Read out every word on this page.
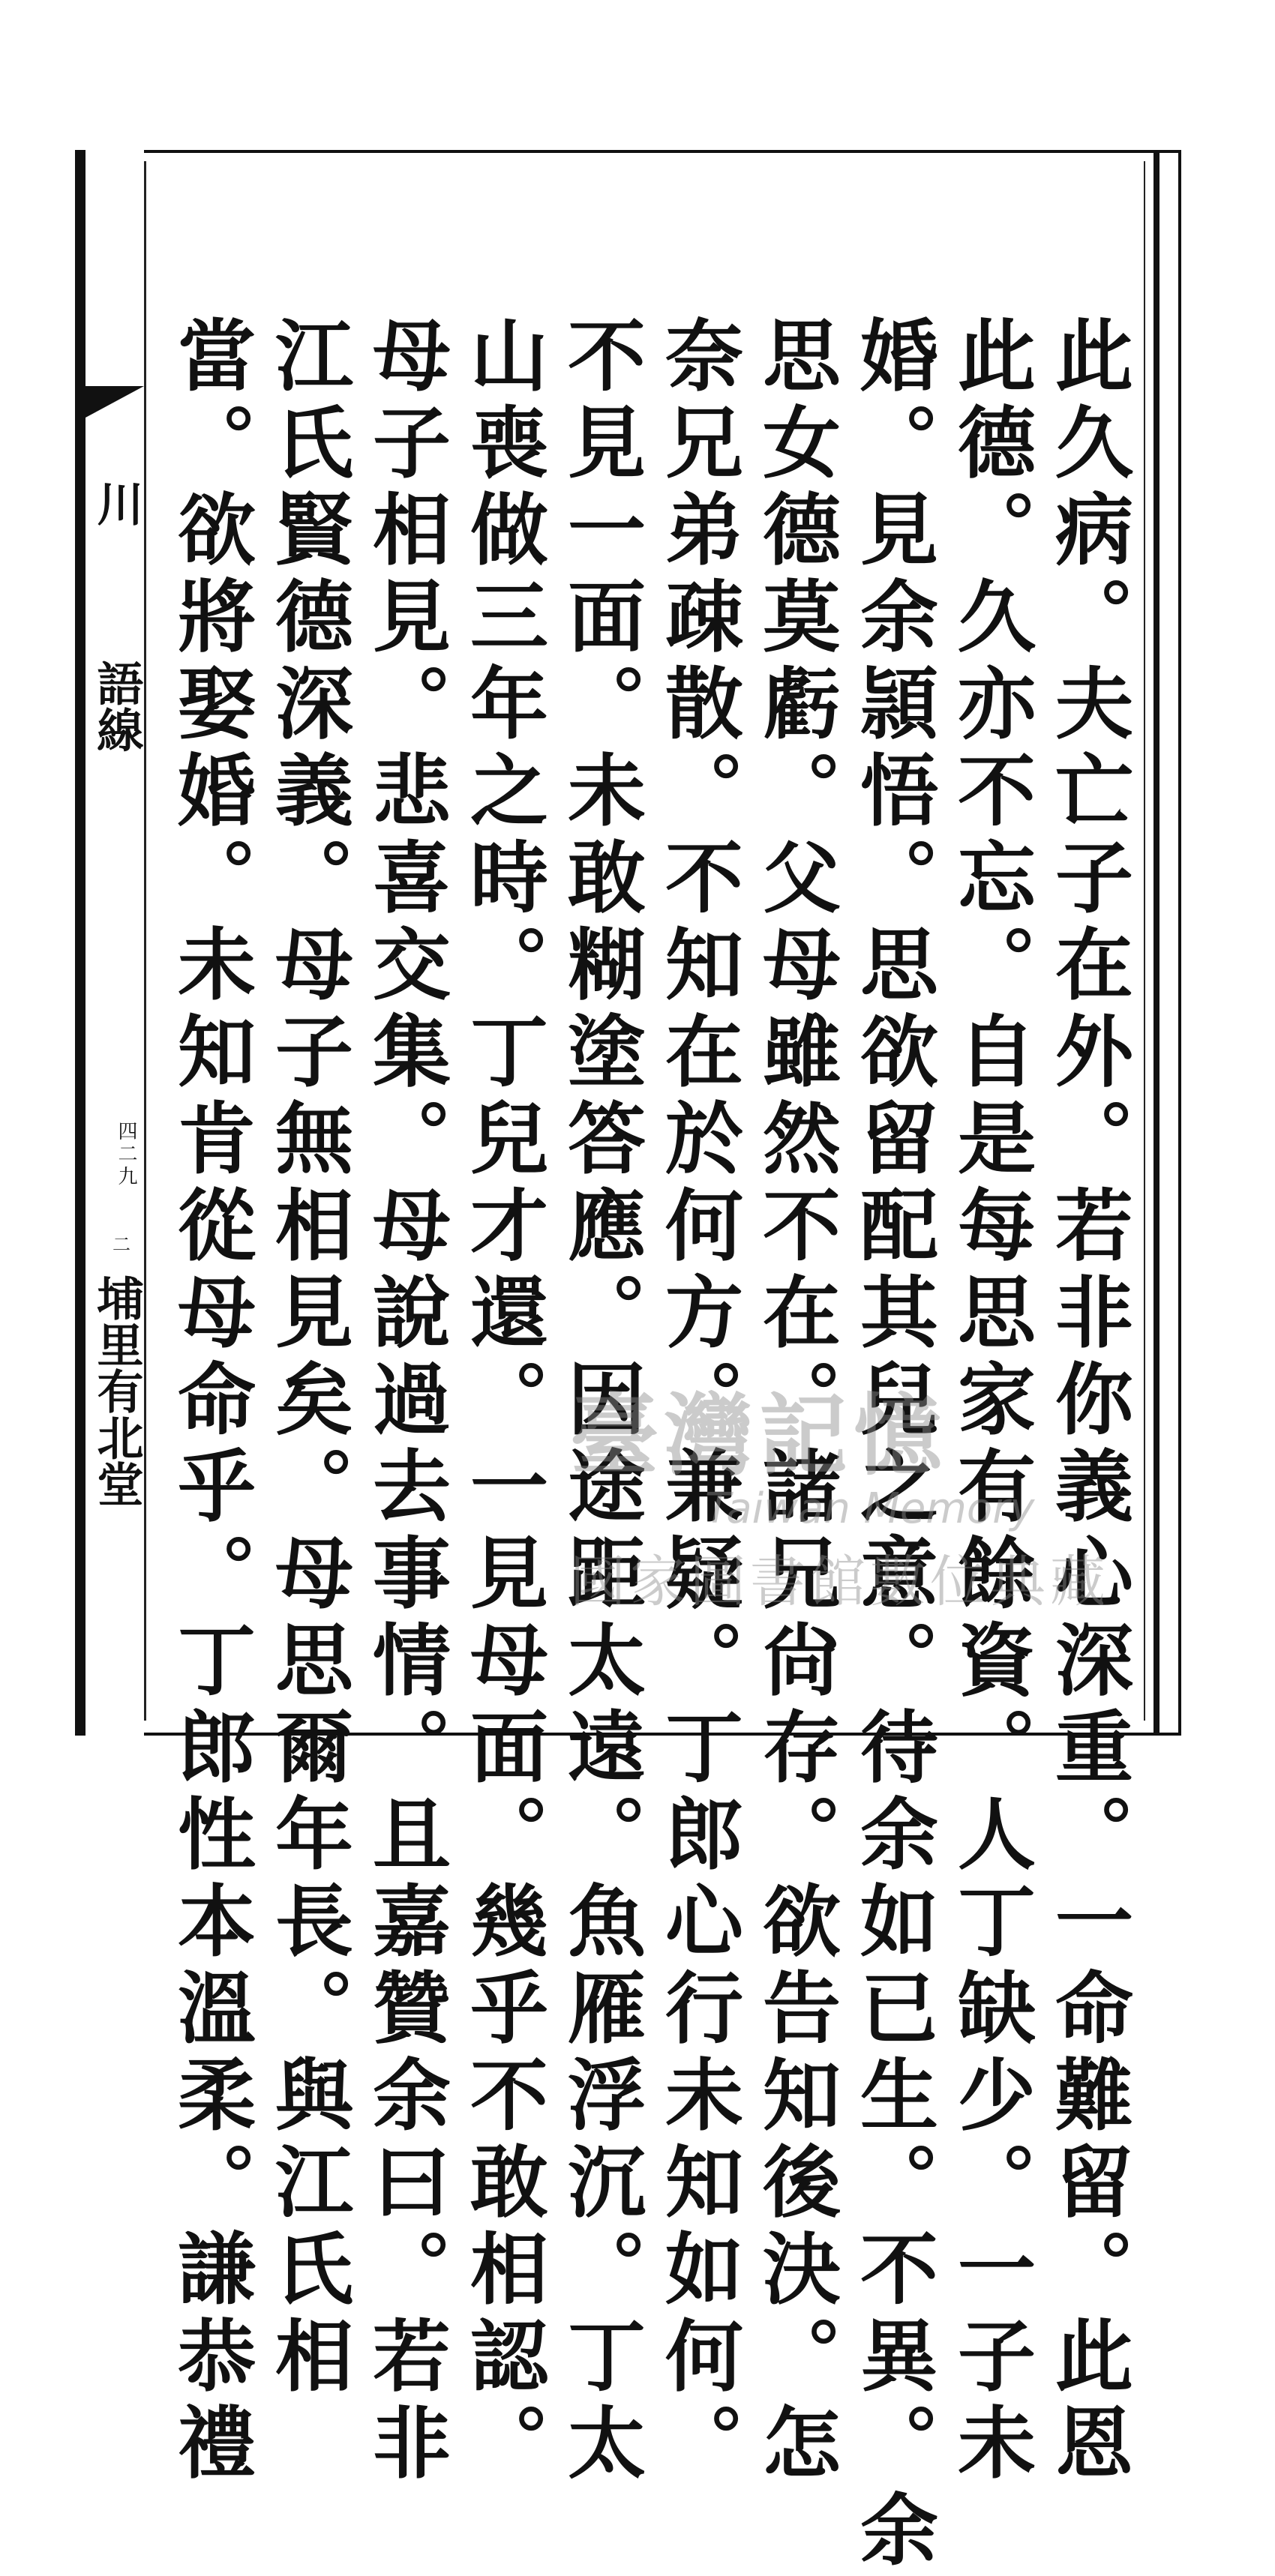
川
語線
四二九
二
埔里有北堂	此久病。夫亡子在外。若非你義心深重。一命難留。此恩
此德。久亦不忘。自是每思家有餘資。人丁缺少。一子未
婚。見余頴悟。思欲留配其兒之意。待余如已生。不異。余
思女德莫虧。父母雖然不在。諸兄尙存。欲告知後決。怎
奈兄弟疎散。不知在於何方。兼疑。丁郎心行未知如何。
不見一面。未敢糊塗答應。因途距太遠。魚雁浮沉。丁太
山喪做三年之時。丁兒才還。一見母面。幾乎不敢相認。
母子相見。悲喜交集。母說過去事情。且嘉贊余曰。若非
江氏賢德深義。母子無相見矣。母思爾年長。與江氏相
當。欲將娶婚。未知肯從母命乎。丁郎性本溫柔。謙恭禮	臺灣記憶
Taiwan Memory
國家圖書館數位典藏
